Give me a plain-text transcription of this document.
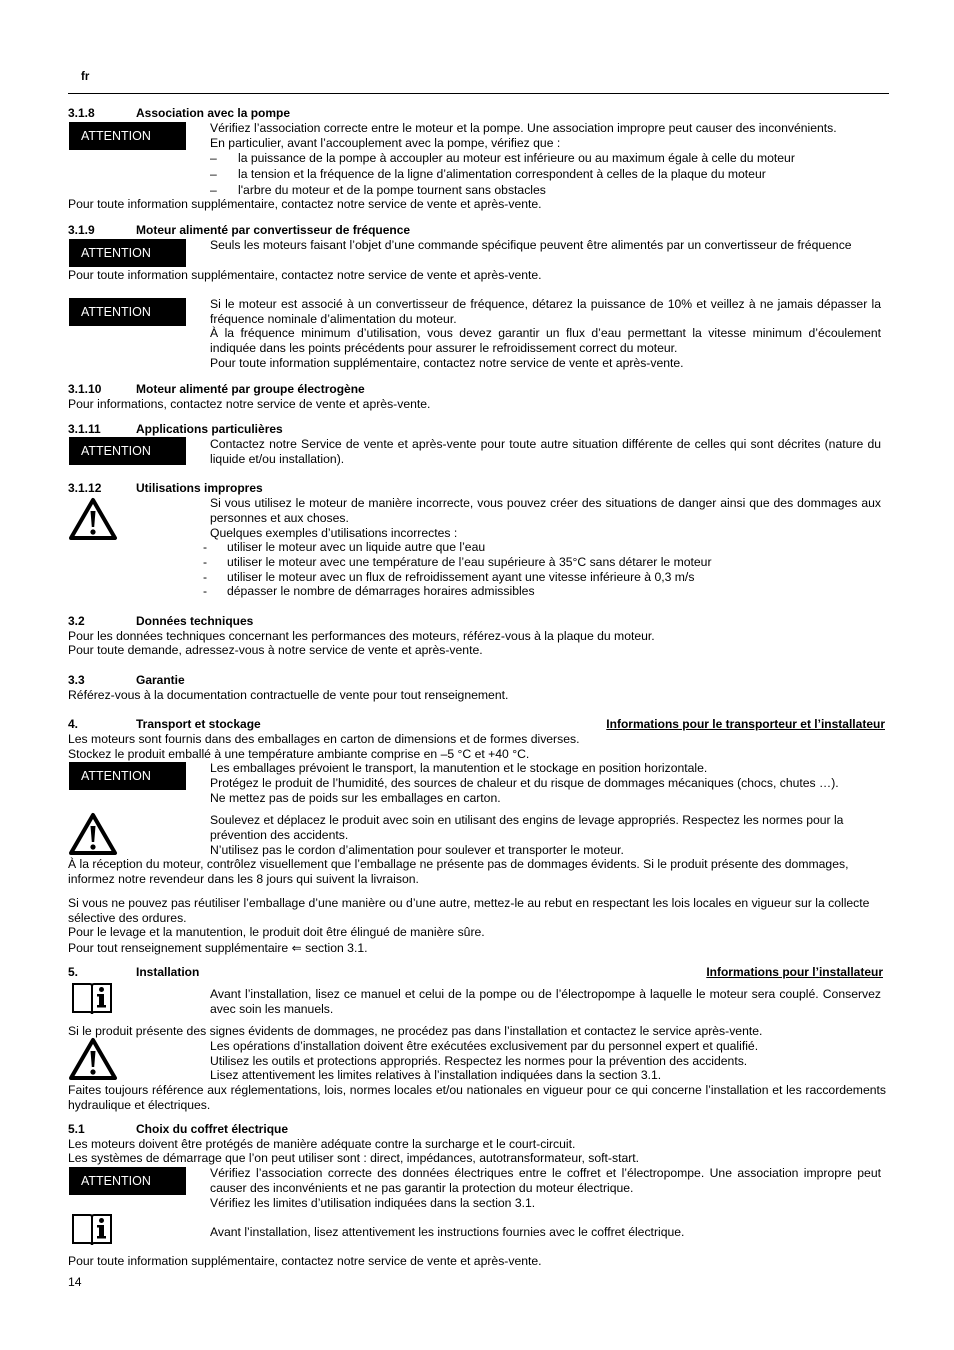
fr
3.1.8	Association avec la pompe
ATTENTION
Vérifiez l’association correcte entre le moteur et la pompe. Une association impropre peut causer des inconvénients.
En particulier, avant l’accouplement avec la pompe, vérifiez que :
– la puissance de la pompe à accoupler au moteur est inférieure ou au maximum égale à celle du moteur
– la tension et la fréquence de la ligne d’alimentation correspondent à celles de la plaque du moteur
– l'arbre du moteur et de la pompe tournent sans obstacles
Pour toute information supplémentaire, contactez notre service de vente et après-vente.
3.1.9	Moteur alimenté par convertisseur de fréquence
ATTENTION
Seuls les moteurs faisant l’objet d’une commande spécifique peuvent être alimentés par un convertisseur de fréquence
Pour toute information supplémentaire, contactez notre service de vente et après-vente.
ATTENTION
Si le moteur est associé à un convertisseur de fréquence, détarez la puissance de 10% et veillez à ne jamais dépasser la fréquence nominale d’alimentation du moteur.
À la fréquence minimum d’utilisation, vous devez garantir un flux d’eau permettant la vitesse minimum d’écoulement indiquée dans les points précédents pour assurer le refroidissement correct du moteur.
Pour toute information supplémentaire, contactez notre service de vente et après-vente.
3.1.10	Moteur alimenté par groupe électrogène
Pour informations, contactez notre service de vente et après-vente.
3.1.11	Applications particulières
ATTENTION	Contactez notre Service de vente et après-vente pour toute autre situation différente de celles qui sont décrites (nature du liquide et/ou installation).
3.1.12	Utilisations impropres
Si vous utilisez le moteur de manière incorrecte, vous pouvez créer des situations de danger ainsi que des dommages aux personnes et aux choses.
Quelques exemples d’utilisations incorrectes :
- utiliser le moteur avec un liquide autre que l’eau
- utiliser le moteur avec une température de l’eau supérieure à 35°C sans détarer le moteur
- utiliser le moteur avec un flux de refroidissement ayant une vitesse inférieure à 0,3 m/s
- dépasser le nombre de démarrages horaires admissibles
3.2	Données techniques
Pour les données techniques concernant les performances des moteurs, référez-vous à la plaque du moteur.
Pour toute demande, adressez-vous à notre service de vente et après-vente.
3.3	Garantie
Référez-vous à la documentation contractuelle de vente pour tout renseignement.
4.	Transport et stockage	Informations pour le transporteur et l’installateur
Les moteurs sont fournis dans des emballages en carton de dimensions et de formes diverses.
Stockez le produit emballé à une température ambiante comprise en –5 °C et +40 °C.
ATTENTION
Les emballages prévoient le transport, la manutention et le stockage en position horizontale.
Protégez le produit de l’humidité, des sources de chaleur et du risque de dommages mécaniques (chocs, chutes …).
Ne mettez pas de poids sur les emballages en carton.
Soulevez et déplacez le produit avec soin en utilisant des engins de levage appropriés. Respectez les normes pour la prévention des accidents.
N’utilisez pas le cordon d’alimentation pour soulever et transporter le moteur.
À la réception du moteur, contrôlez visuellement que l’emballage ne présente pas de dommages évidents. Si le produit présente des dommages, informez notre revendeur dans les 8 jours qui suivent la livraison.
Si vous ne pouvez pas réutiliser l’emballage d’une manière ou d’une autre, mettez-le au rebut en respectant les lois locales en vigueur sur la collecte sélective des ordures.
Pour le levage et la manutention, le produit doit être élingué de manière sûre.
Pour tout renseignement supplémentaire ⇐ section 3.1.
5.	Installation	Informations pour l’installateur
Avant l’installation, lisez ce manuel et celui de la pompe ou de l’électropompe à laquelle le moteur sera couplé. Conservez avec soin les manuels.
Si le produit présente des signes évidents de dommages, ne procédez pas dans l’installation et contactez le service après-vente.
Les opérations d’installation doivent être exécutées exclusivement par du personnel expert et qualifié.
Utilisez les outils et protections appropriés. Respectez les normes pour la prévention des accidents.
Lisez attentivement les limites relatives à l’installation indiquées dans la section 3.1.
Faites toujours référence aux réglementations, lois, normes locales et/ou nationales en vigueur pour ce qui concerne l’installation et les raccordements hydraulique et électriques.
5.1	Choix du coffret électrique
Les moteurs doivent être protégés de manière adéquate contre la surcharge et le court-circuit.
Les systèmes de démarrage que l’on peut utiliser sont : direct, impédances, autotransformateur, soft-start.
ATTENTION
Vérifiez l’association correcte des données électriques entre le coffret et l’électropompe. Une association impropre peut causer des inconvénients et ne pas garantir la protection du moteur électrique.
Vérifiez les limites d’utilisation indiquées dans la section 3.1.
Avant l’installation, lisez attentivement les instructions fournies avec le coffret électrique.
Pour toute information supplémentaire, contactez notre service de vente et après-vente.
14
